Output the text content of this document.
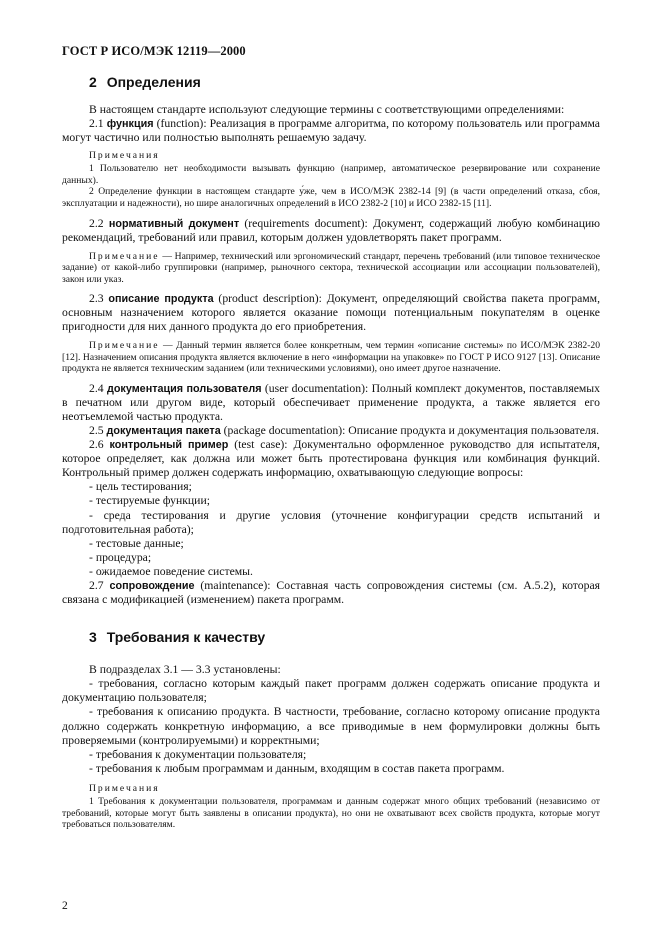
ГОСТ Р ИСО/МЭК 12119—2000
2 Определения

В настоящем стандарте используют следующие термины с соответствующими определениями:

2.1 функция (function): Реализация в программе алгоритма, по которому пользователь или программа могут частично или полностью выполнять решаемую задачу.

Примечания

1 Пользователю нет необходимости вызывать функцию (например, автоматическое резервирование или сохранение данных).

2 Определение функции в настоящем стандарте у́же, чем в ИСО/МЭК 2382-14 [9] (в части определений отказа, сбоя, эксплуатации и надежности), но шире аналогичных определений в ИСО 2382-2 [10] и ИСО 2382-15 [11].

2.2 нормативный документ (requirements document): Документ, содержащий любую комбинацию рекомендаций, требований или правил, которым должен удовлетворять пакет программ.

Примечание — Например, технический или эргономический стандарт, перечень требований (или типовое техническое задание) от какой-либо группировки (например, рыночного сектора, технической ассоциации или ассоциации пользователей), закон или указ.

2.3 описание продукта (product description): Документ, определяющий свойства пакета программ, основным назначением которого является оказание помощи потенциальным покупателям в оценке пригодности для них данного продукта до его приобретения.

Примечание — Данный термин является более конкретным, чем термин «описание системы» по ИСО/МЭК 2382-20 [12]. Назначением описания продукта является включение в него «информации на упаковке» по ГОСТ Р ИСО 9127 [13]. Описание продукта не является техническим заданием (или техническими условиями), оно имеет другое назначение.

2.4 документация пользователя (user documentation): Полный комплект документов, поставляемых в печатном или другом виде, который обеспечивает применение продукта, а также является его неотъемлемой частью продукта.

2.5 документация пакета (package documentation): Описание продукта и документация пользователя.

2.6 контрольный пример (test case): Документально оформленное руководство для испытателя, которое определяет, как должна или может быть протестирована функция или комбинация функций. Контрольный пример должен содержать информацию, охватывающую следующие вопросы:

- цель тестирования;

- тестируемые функции;

- среда тестирования и другие условия (уточнение конфигурации средств испытаний и подготовительная работа);

- тестовые данные;

- процедура;

- ожидаемое поведение системы.

2.7 сопровождение (maintenance): Составная часть сопровождения системы (см. А.5.2), которая связана с модификацией (изменением) пакета программ.

3 Требования к качеству

В подразделах 3.1 — 3.3 установлены:

- требования, согласно которым каждый пакет программ должен содержать описание продукта и документацию пользователя;

- требования к описанию продукта. В частности, требование, согласно которому описание продукта должно содержать конкретную информацию, а все приводимые в нем формулировки должны быть проверяемыми (контролируемыми) и корректными;

- требования к документации пользователя;

- требования к любым программам и данным, входящим в состав пакета программ.

Примечания

1 Требования к документации пользователя, программам и данным содержат много общих требований (независимо от требований, которые могут быть заявлены в описании продукта), но они не охватывают всех свойств продукта, которые могут требоваться пользователям.

2
